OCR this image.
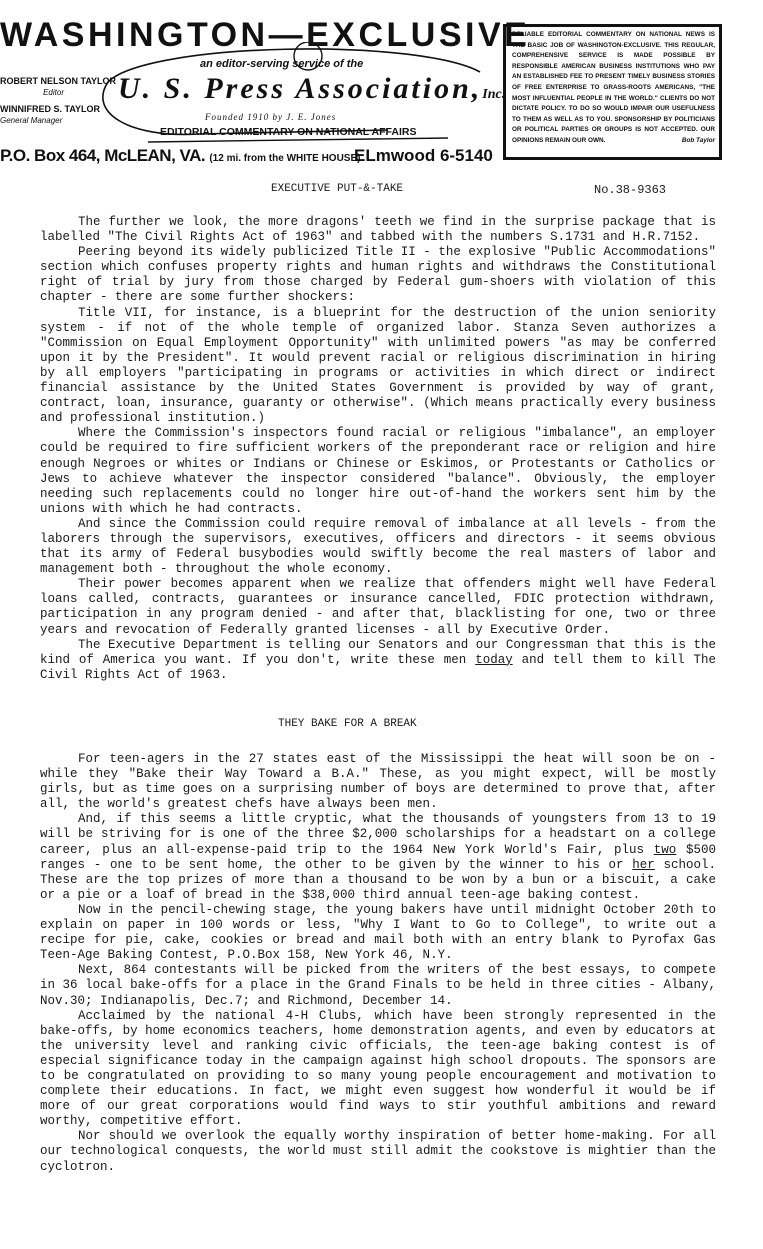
WASHINGTON—EXCLUSIVE
an editor-serving service of the
U. S. Press Association,Inc.
Founded 1910 by J. E. Jones
EDITORIAL COMMENTARY ON NATIONAL AFFAIRS
ROBERT NELSON TAYLOR
Editor
WINNIFRED S. TAYLOR
General Manager
P.O. Box 464, McLEAN, VA. (12 mi. from the WHITE HOUSE)
ELmwood 6-5140
RELIABLE EDITORIAL COMMENTARY ON NATIONAL NEWS IS THE BASIC JOB OF WASHINGTON-EXCLUSIVE. THIS REGULAR, COMPREHENSIVE SERVICE IS MADE POSSIBLE BY RESPONSIBLE AMERICAN BUSINESS INSTITUTIONS WHO PAY AN ESTABLISHED FEE TO PRESENT TIMELY BUSINESS STORIES OF FREE ENTERPRISE TO GRASS-ROOTS AMERICANS, "THE MOST INFLUENTIAL PEOPLE IN THE WORLD." CLIENTS DO NOT DICTATE POLICY. TO DO SO WOULD IMPAIR OUR USEFULNESS TO THEM AS WELL AS TO YOU. SPONSORSHIP BY POLITICIANS OR POLITICAL PARTIES OR GROUPS IS NOT ACCEPTED. OUR OPINIONS REMAIN OUR OWN.	Bob Taylor
EXECUTIVE PUT-&-TAKE	No.38-9363

The further we look, the more dragons' teeth we find in the surprise package that is labelled "The Civil Rights Act of 1963" and tabbed with the numbers S.1731 and H.R.7152.

Peering beyond its widely publicized Title II - the explosive "Public Accommodations" section which confuses property rights and human rights and withdraws the Constitutional right of trial by jury from those charged by Federal gum-shoers with violation of this chapter - there are some further shockers:

Title VII, for instance, is a blueprint for the destruction of the union seniority system - if not of the whole temple of organized labor. Stanza Seven authorizes a "Commission on Equal Employment Opportunity" with unlimited powers "as may be conferred upon it by the President". It would prevent racial or religious discrimination in hiring by all employers "participating in programs or activities in which direct or indirect financial assistance by the United States Government is provided by way of grant, contract, loan, insurance, guaranty or otherwise". (Which means practically every business and professional institution.)

Where the Commission's inspectors found racial or religious "imbalance", an employer could be required to fire sufficient workers of the preponderant race or religion and hire enough Negroes or whites or Indians or Chinese or Eskimos, or Protestants or Catholics or Jews to achieve whatever the inspector considered "balance". Obviously, the employer needing such replacements could no longer hire out-of-hand the workers sent him by the unions with which he had contracts.

And since the Commission could require removal of imbalance at all levels - from the laborers through the supervisors, executives, officers and directors - it seems obvious that its army of Federal busybodies would swiftly become the real masters of labor and management both - throughout the whole economy.

Their power becomes apparent when we realize that offenders might well have Federal loans called, contracts, guarantees or insurance cancelled, FDIC protection withdrawn, participation in any program denied - and after that, blacklisting for one, two or three years and revocation of Federally granted licenses - all by Executive Order.

The Executive Department is telling our Senators and our Congressman that this is the kind of America you want. If you don't, write these men today and tell them to kill The Civil Rights Act of 1963.

THEY BAKE FOR A BREAK

For teen-agers in the 27 states east of the Mississippi the heat will soon be on - while they "Bake their Way Toward a B.A." These, as you might expect, will be mostly girls, but as time goes on a surprising number of boys are determined to prove that, after all, the world's greatest chefs have always been men.

And, if this seems a little cryptic, what the thousands of youngsters from 13 to 19 will be striving for is one of the three $2,000 scholarships for a headstart on a college career, plus an all-expense-paid trip to the 1964 New York World's Fair, plus two $500 ranges - one to be sent home, the other to be given by the winner to his or her school. These are the top prizes of more than a thousand to be won by a bun or a biscuit, a cake or a pie or a loaf of bread in the $38,000 third annual teen-age baking contest.

Now in the pencil-chewing stage, the young bakers have until midnight October 20th to explain on paper in 100 words or less, "Why I Want to Go to College", to write out a recipe for pie, cake, cookies or bread and mail both with an entry blank to Pyrofax Gas Teen-Age Baking Contest, P.O.Box 158, New York 46, N.Y.

Next, 864 contestants will be picked from the writers of the best essays, to compete in 36 local bake-offs for a place in the Grand Finals to be held in three cities - Albany, Nov.30; Indianapolis, Dec.7; and Richmond, December 14.

Acclaimed by the national 4-H Clubs, which have been strongly represented in the bake-offs, by home economics teachers, home demonstration agents, and even by educators at the university level and ranking civic officials, the teen-age baking contest is of especial significance today in the campaign against high school dropouts. The sponsors are to be congratulated on providing to so many young people encouragement and motivation to complete their educations. In fact, we might even suggest how wonderful it would be if more of our great corporations would find ways to stir youthful ambitions and reward worthy, competitive effort.

Nor should we overlook the equally worthy inspiration of better home-making. For all our technological conquests, the world must still admit the cookstove is mightier than the cyclotron.
